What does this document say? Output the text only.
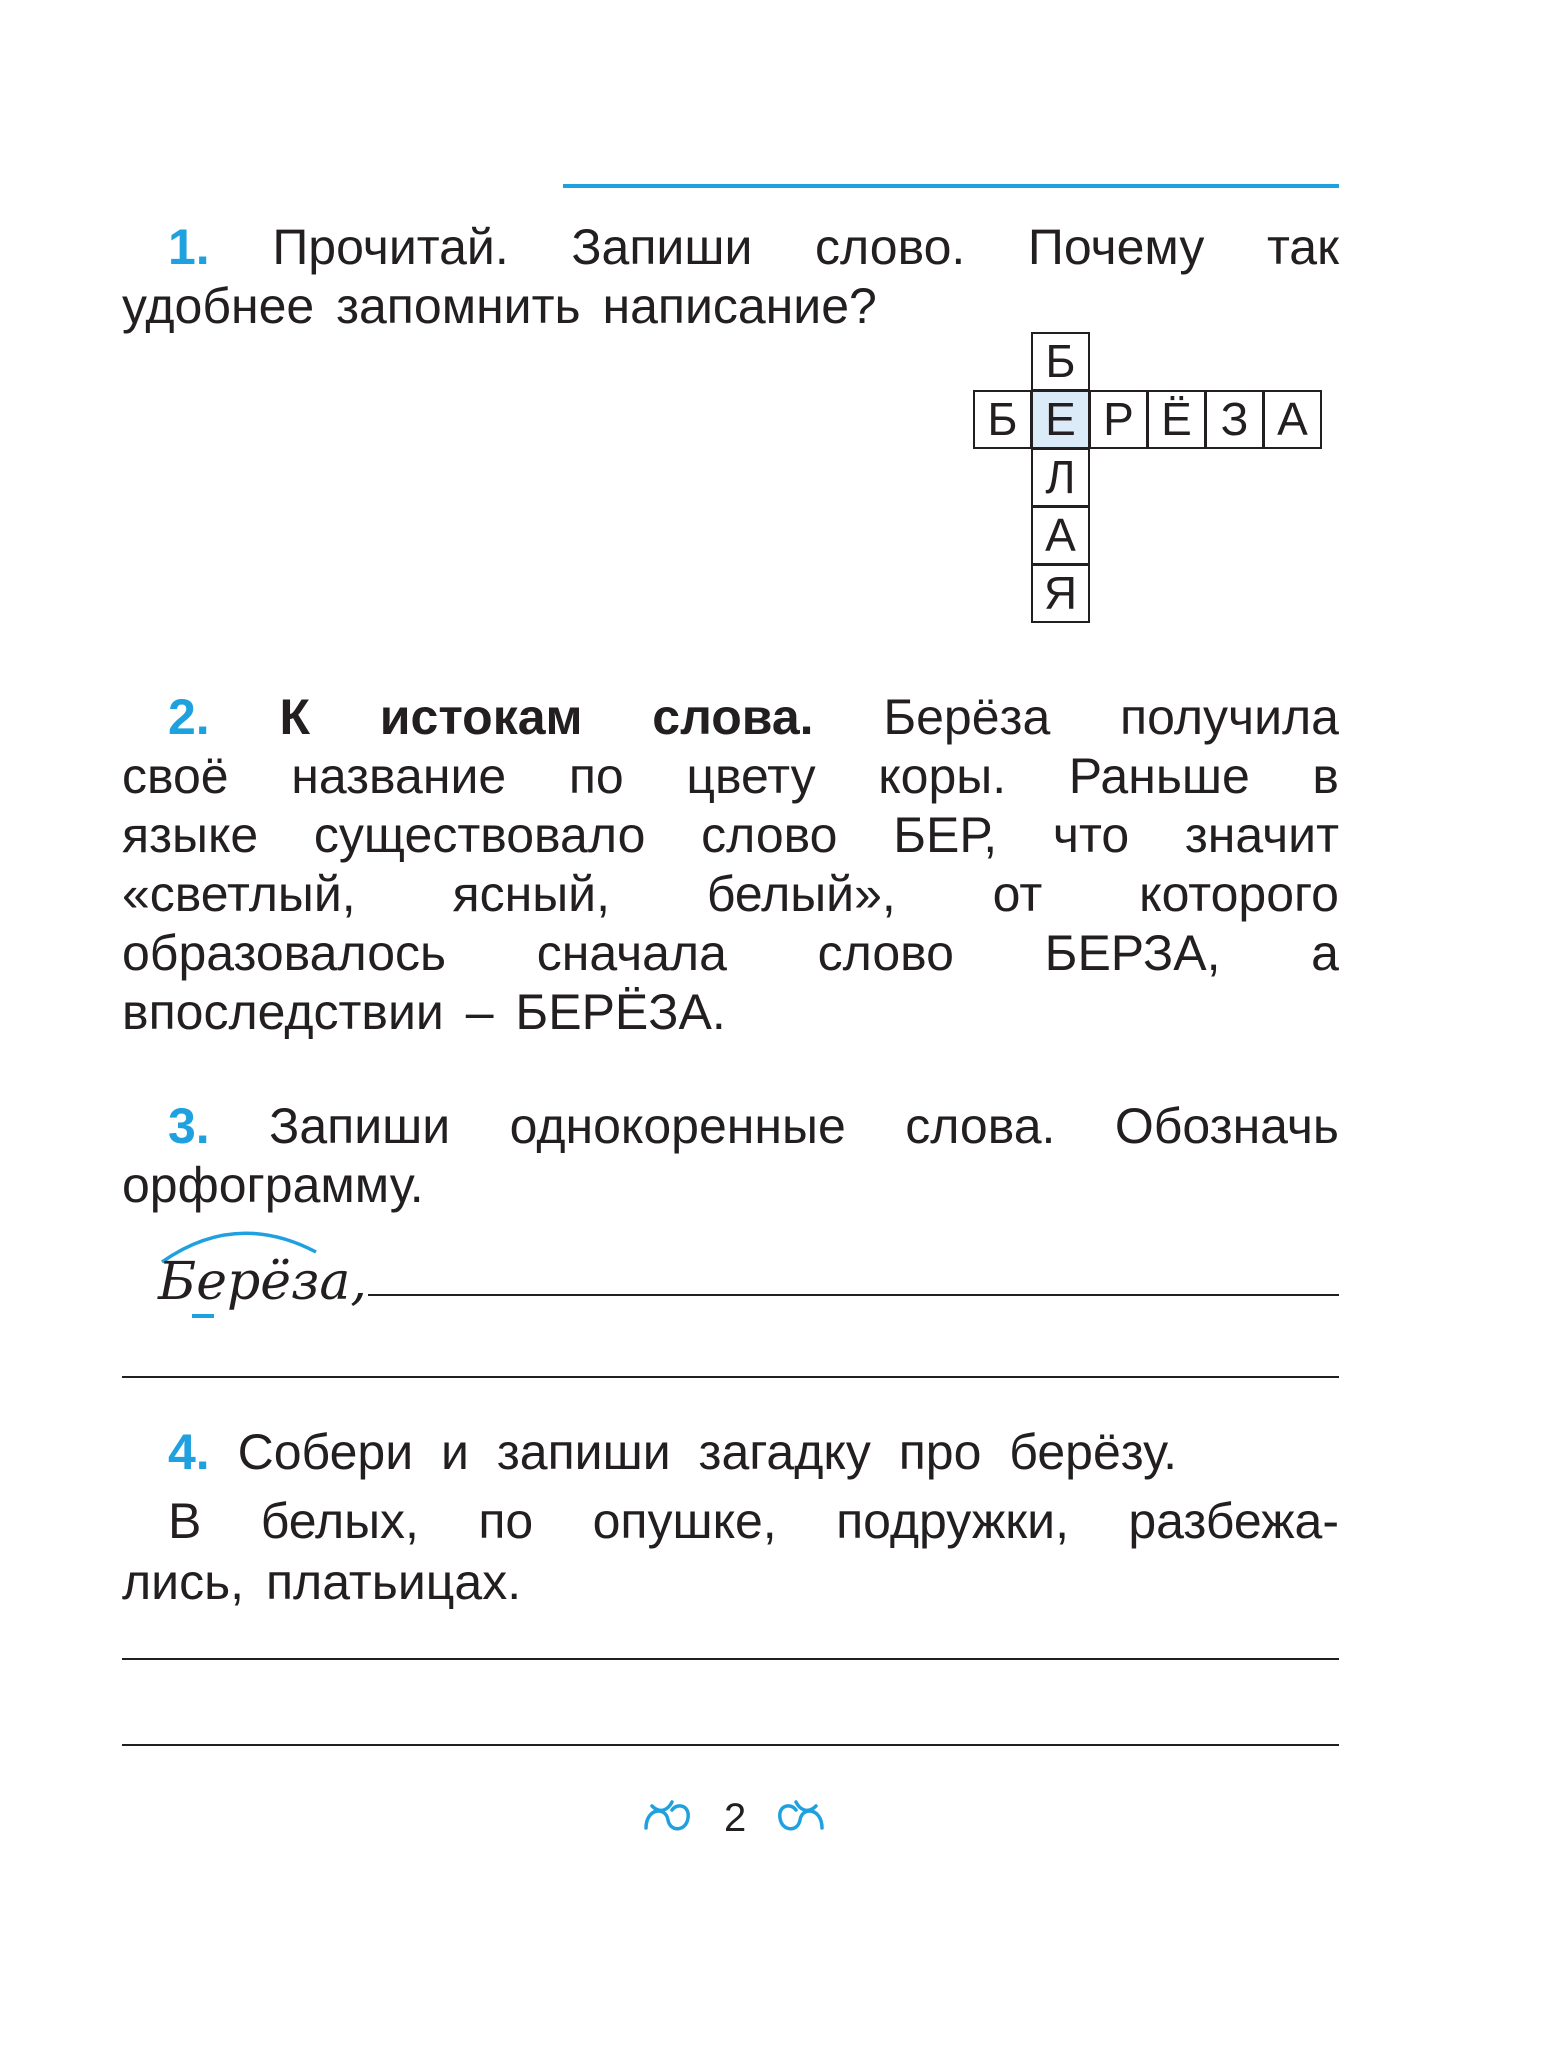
1. Прочитай. Запиши слово. Почему так
удобнее запомнить написание?
Б
Л
А
Я
Б Е Р Ё З А
2. К истокам слова. Берёза получила
своё название по цвету коры. Раньше в
языке существовало слово БЕР, что значит
«светлый, ясный, белый», от которого
образовалось сначала слово БЕРЗА, а
впоследствии – БЕРЁЗА.
3. Запиши однокоренные слова. Обозначь
орфограмму.
Берёза,
4. Собери и запиши загадку про берёзу.
В белых, по опушке, подружки, разбежа-
лись, платьицах.
2
